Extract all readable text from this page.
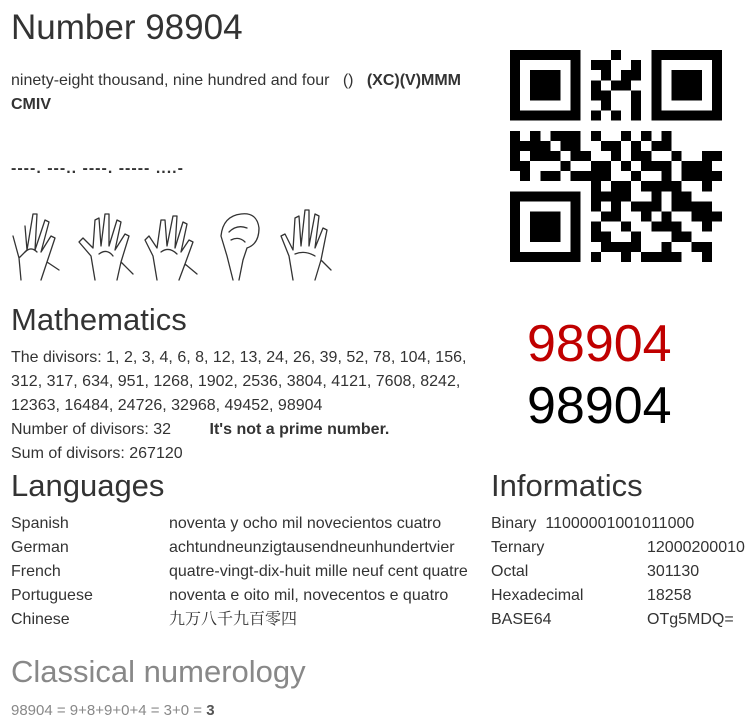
Number 98904
ninety-eight thousand, nine hundred and four () (XC)(V)MMM CMIV
----. ---.. ----. ----- ....-
98904
98904
Mathematics
The divisors: 1, 2, 3, 4, 6, 8, 12, 13, 24, 26, 39, 52, 78, 104, 156,
312, 317, 634, 951, 1268, 1902, 2536, 3804, 4121, 7608, 8242,
12363, 16484, 24726, 32968, 49452, 98904
Number of divisors: 32 It's not a prime number.
Sum of divisors: 267120
Languages
Spanish	noventa y ocho mil novecientos cuatro
German	achtundneunzigtausendneunhundertvier
French	quatre-vingt-dix-huit mille neuf cent quatre
Portuguese	noventa e oito mil, novecentos e quatro
Chinese	九万八千九百零四
Informatics
Binary 11000001001011000
Ternary	12000200010
Octal	301130
Hexadecimal	18258
BASE64	OTg5MDQ=
Classical numerology
98904 = 9+8+9+0+4 = 3+0 = 3
